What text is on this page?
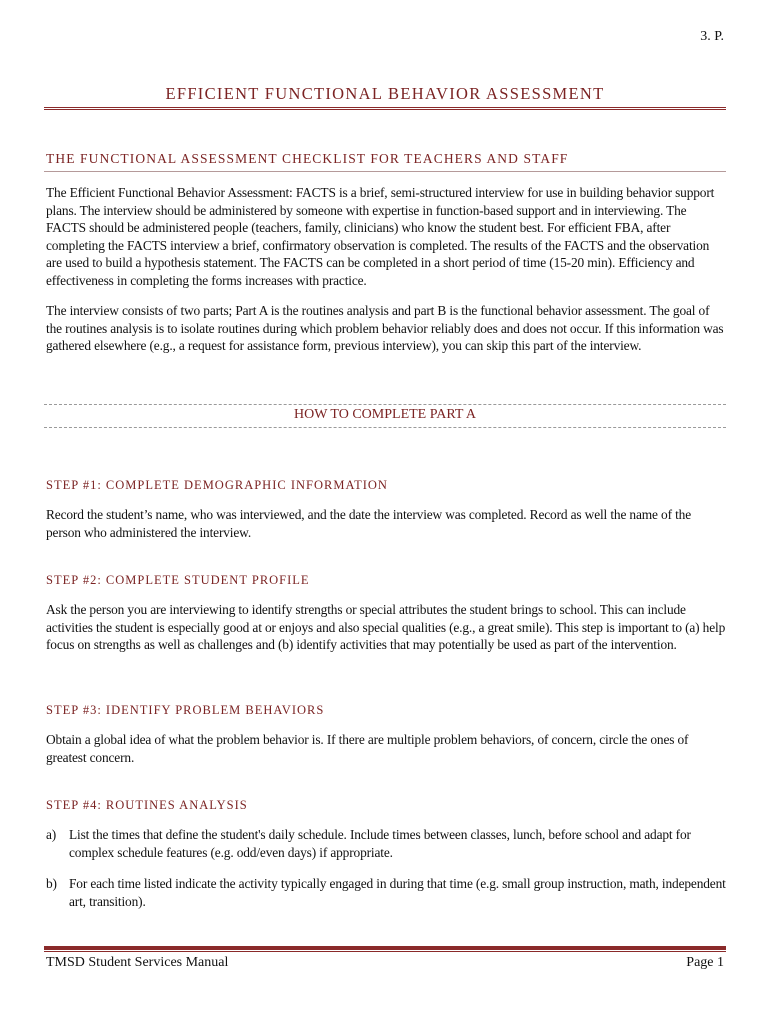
3. P.
EFFICIENT FUNCTIONAL BEHAVIOR ASSESSMENT
THE FUNCTIONAL ASSESSMENT CHECKLIST FOR TEACHERS AND STAFF

The Efficient Functional Behavior Assessment: FACTS is a brief, semi-structured interview for use in building behavior support plans. The interview should be administered by someone with expertise in function-based support and in interviewing. The FACTS should be administered people (teachers, family, clinicians) who know the student best. For efficient FBA, after completing the FACTS interview a brief, confirmatory observation is completed. The results of the FACTS and the observation are used to build a hypothesis statement. The FACTS can be completed in a short period of time (15-20 min). Efficiency and effectiveness in completing the forms increases with practice.

The interview consists of two parts; Part A is the routines analysis and part B is the functional behavior assessment. The goal of the routines analysis is to isolate routines during which problem behavior reliably does and does not occur. If this information was gathered elsewhere (e.g., a request for assistance form, previous interview), you can skip this part of the interview.

HOW TO COMPLETE PART A
STEP #1: COMPLETE DEMOGRAPHIC INFORMATION

Record the student’s name, who was interviewed, and the date the interview was completed. Record as well the name of the person who administered the interview.

STEP #2: COMPLETE STUDENT PROFILE

Ask the person you are interviewing to identify strengths or special attributes the student brings to school. This can include activities the student is especially good at or enjoys and also special qualities (e.g., a great smile). This step is important to (a) help focus on strengths as well as challenges and (b) identify activities that may potentially be used as part of the intervention.

STEP #3: IDENTIFY PROBLEM BEHAVIORS

Obtain a global idea of what the problem behavior is. If there are multiple problem behaviors, of concern, circle the ones of greatest concern.

STEP #4: ROUTINES ANALYSIS
a) List the times that define the student's daily schedule. Include times between classes, lunch, before school and adapt for complex schedule features (e.g. odd/even days) if appropriate.
b) For each time listed indicate the activity typically engaged in during that time (e.g. small group instruction, math, independent art, transition).
TMSD Student Services Manual	Page 1
